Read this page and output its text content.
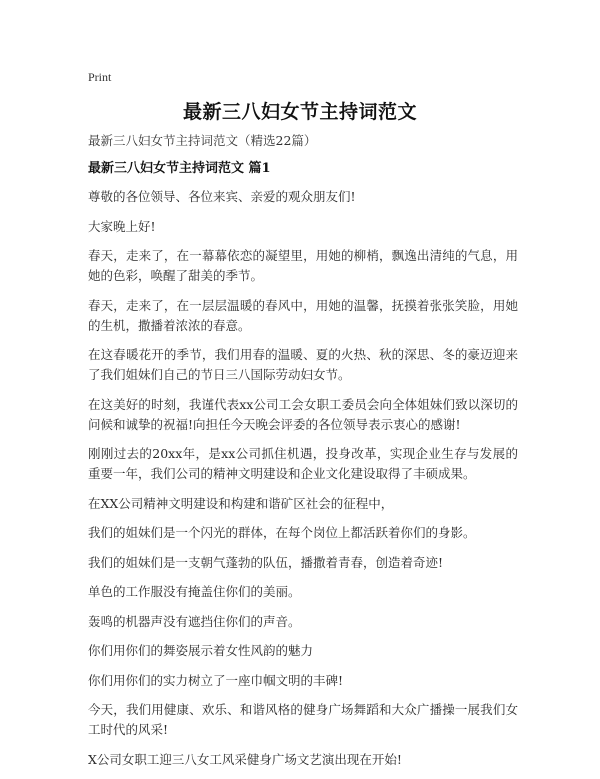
Print
最新三八妇女节主持词范文

最新三八妇女节主持词范文（精选22篇）

最新三八妇女节主持词范文 篇1

尊敬的各位领导、各位来宾、亲爱的观众朋友们!

大家晚上好!

春天，走来了，在一幕幕依恋的凝望里，用她的柳梢，飘逸出清纯的气息，用她的色彩，唤醒了甜美的季节。

春天，走来了，在一层层温暖的春风中，用她的温馨，抚摸着张张笑脸，用她的生机，撒播着浓浓的春意。

在这春暖花开的季节，我们用春的温暖、夏的火热、秋的深思、冬的豪迈迎来了我们姐妹们自己的节日三八国际劳动妇女节。

在这美好的时刻，我谨代表xx公司工会女职工委员会向全体姐妹们致以深切的问候和诚挚的祝福!向担任今天晚会评委的各位领导表示衷心的感谢!

刚刚过去的20xx年，是xx公司抓住机遇，投身改革，实现企业生存与发展的重要一年，我们公司的精神文明建设和企业文化建设取得了丰硕成果。

在XX公司精神文明建设和构建和谐矿区社会的征程中，

我们的姐妹们是一个闪光的群体，在每个岗位上都活跃着你们的身影。

我们的姐妹们是一支朝气蓬勃的队伍，播撒着青春，创造着奇迹!

单色的工作服没有掩盖住你们的美丽。

轰鸣的机器声没有遮挡住你们的声音。

你们用你们的舞姿展示着女性风韵的魅力

你们用你们的实力树立了一座巾帼文明的丰碑!

今天，我们用健康、欢乐、和谐风格的健身广场舞蹈和大众广播操一展我们女工时代的风采!

X公司女职工迎三八女工风采健身广场文艺演出现在开始!
